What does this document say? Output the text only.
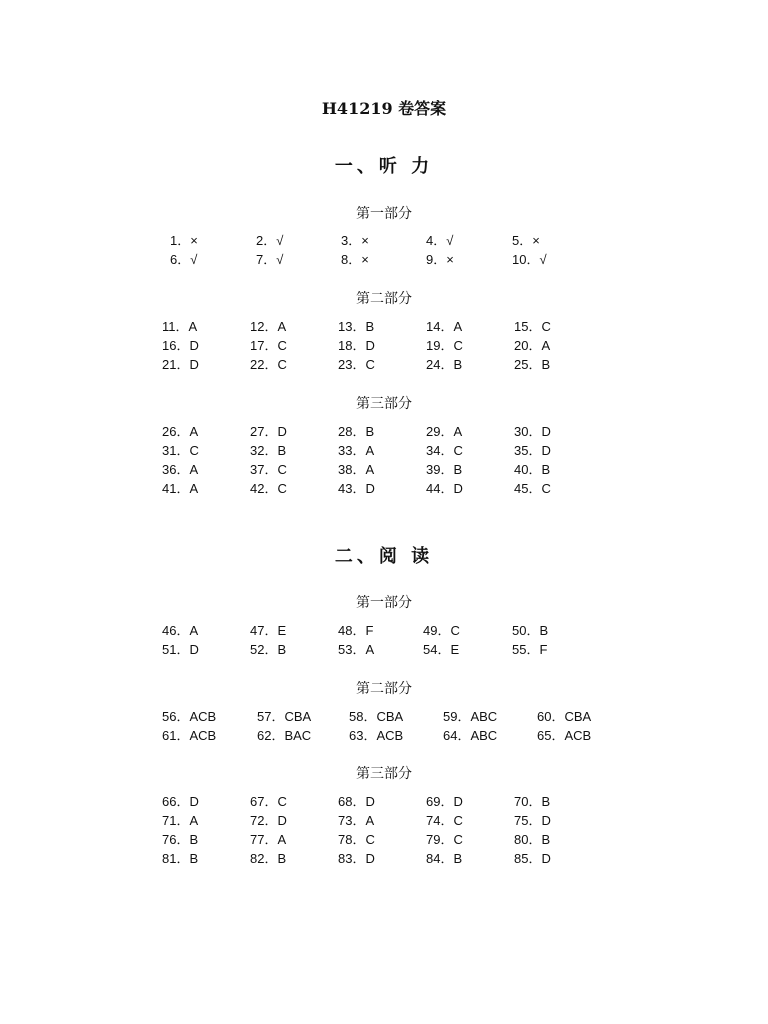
H41219 卷答案
一、听 力
第一部分
1．×	2．√	3．×	4．√	5．×
6．√	7．√	8．×	9．×	10．√
第二部分
11．A	12．A	13．B	14．A	15．C
16．D	17．C	18．D	19．C	20．A
21．D	22．C	23．C	24．B	25．B
第三部分
26．A	27．D	28．B	29．A	30．D
31．C	32．B	33．A	34．C	35．D
36．A	37．C	38．A	39．B	40．B
41．A	42．C	43．D	44．D	45．C
二、阅 读
第一部分
46．A	47．E	48．F	49．C	50．B
51．D	52．B	53．A	54．E	55．F
第二部分
56．ACB	57．CBA	58．CBA	59．ABC	60．CBA
61．ACB	62．BAC	63．ACB	64．ABC	65．ACB
第三部分
66．D	67．C	68．D	69．D	70．B
71．A	72．D	73．A	74．C	75．D
76．B	77．A	78．C	79．C	80．B
81．B	82．B	83．D	84．B	85．D
